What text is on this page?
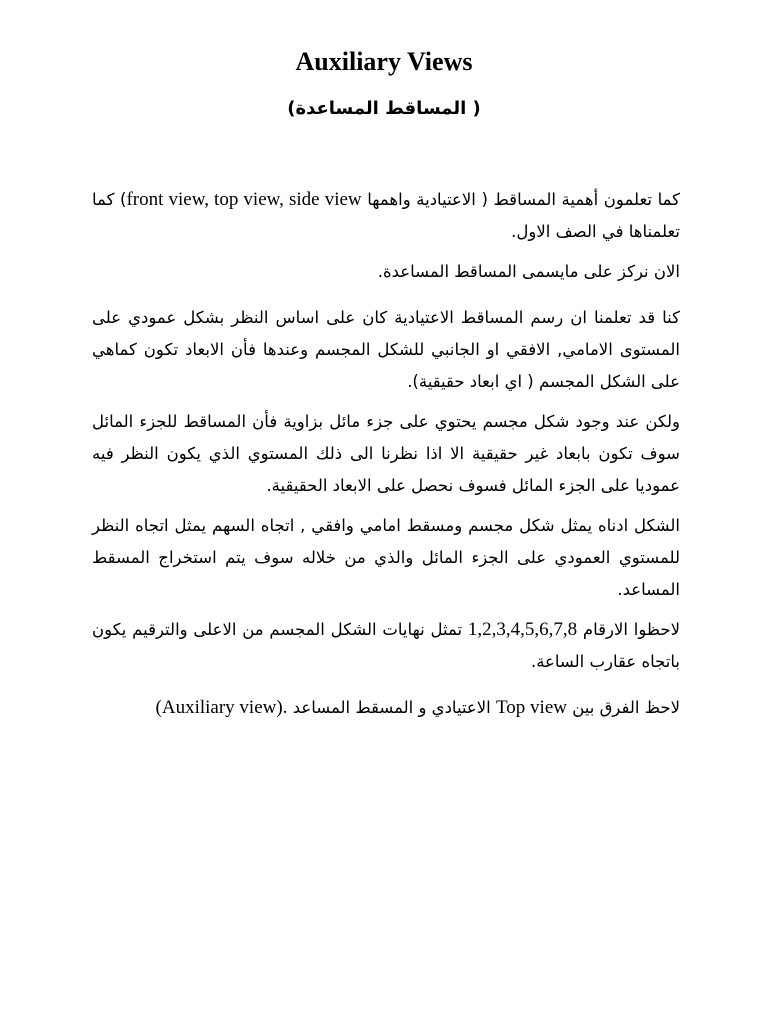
Auxiliary Views
( المساقط المساعدة)

كما تعلمون أهمية المساقط ( الاعتيادية واهمها front view, top view, side view) كما تعلمناها في الصف الاول.

الان نركز على مايسمى المساقط المساعدة.

كنا قد تعلمنا ان رسم المساقط الاعتيادية كان على اساس النظر بشكل عمودي على المستوى الامامي, الافقي او الجانبي للشكل المجسم وعندها فأن الابعاد تكون كماهي على الشكل المجسم ( اي ابعاد حقيقية).

ولكن عند وجود شكل مجسم يحتوي على جزء مائل بزاوية فأن المساقط للجزء المائل سوف تكون بابعاد غير حقيقية الا اذا نظرنا الى ذلك المستوي الذي يكون النظر فيه عموديا على الجزء المائل فسوف نحصل على الابعاد الحقيقية.

الشكل ادناه يمثل شكل مجسم ومسقط امامي وافقي , اتجاه السهم يمثل اتجاه النظر للمستوي العمودي على الجزء المائل والذي من خلاله سوف يتم استخراج المسقط المساعد.

لاحظوا الارقام 1,2,3,4,5,6,7,8 تمثل نهايات الشكل المجسم من الاعلى والترقيم يكون باتجاه عقارب الساعة.

لاحظ الفرق بين Top view الاعتيادي و المسقط المساعد (Auxiliary view).
